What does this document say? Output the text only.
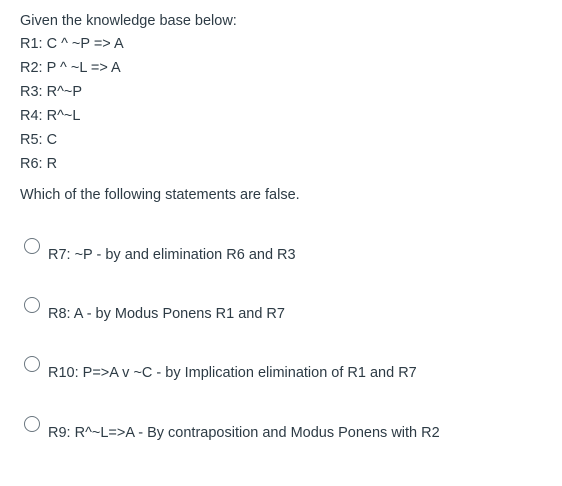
Given the knowledge base below:
R1: C ^ ~P => A
R2: P ^ ~L => A
R3: R^~P
R4: R^~L
R5: C
R6: R
Which of the following statements are false.
R7: ~P - by and elimination R6 and R3
R8: A - by Modus Ponens R1 and R7
R10: P=>A v ~C - by Implication elimination of R1 and R7
R9: R^~L=>A - By contraposition and Modus Ponens with R2
